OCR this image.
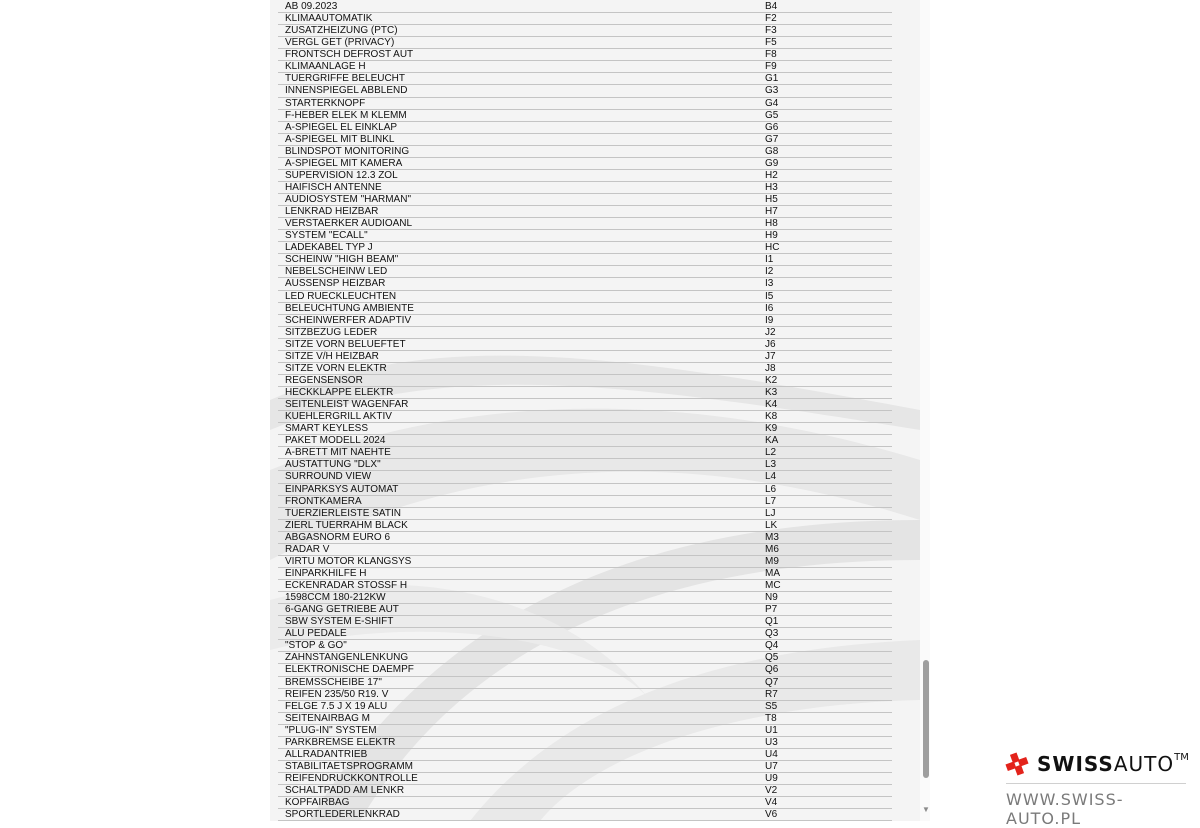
AB 09.2023	B4
KLIMAAUTOMATIK	F2
ZUSATZHEIZUNG (PTC)	F3
VERGL GET (PRIVACY)	F5
FRONTSCH DEFROST AUT	F8
KLIMAANLAGE H	F9
TUERGRIFFE BELEUCHT	G1
INNENSPIEGEL ABBLEND	G3
STARTERKNOPF	G4
F-HEBER ELEK M KLEMM	G5
A-SPIEGEL EL EINKLAP	G6
A-SPIEGEL MIT BLINKL	G7
BLINDSPOT MONITORING	G8
A-SPIEGEL MIT KAMERA	G9
SUPERVISION 12.3 ZOL	H2
HAIFISCH ANTENNE	H3
AUDIOSYSTEM "HARMAN"	H5
LENKRAD HEIZBAR	H7
VERSTAERKER AUDIOANL	H8
SYSTEM "ECALL"	H9
LADEKABEL TYP J	HC
SCHEINW "HIGH BEAM"	I1
NEBELSCHEINW LED	I2
AUSSENSP HEIZBAR	I3
LED RUECKLEUCHTEN	I5
BELEUCHTUNG AMBIENTE	I6
SCHEINWERFER ADAPTIV	I9
SITZBEZUG LEDER	J2
SITZE VORN BELUEFTET	J6
SITZE V/H HEIZBAR	J7
SITZE VORN ELEKTR	J8
REGENSENSOR	K2
HECKKLAPPE ELEKTR	K3
SEITENLEIST WAGENFAR	K4
KUEHLERGRILL AKTIV	K8
SMART KEYLESS	K9
PAKET MODELL 2024	KA
A-BRETT MIT NAEHTE	L2
AUSTATTUNG "DLX"	L3
SURROUND VIEW	L4
EINPARKSYS AUTOMAT	L6
FRONTKAMERA	L7
TUERZIERLEISTE SATIN	LJ
ZIERL TUERRAHM BLACK	LK
ABGASNORM EURO 6	M3
RADAR V	M6
VIRTU MOTOR KLANGSYS	M9
EINPARKHILFE H	MA
ECKENRADAR STOSSF H	MC
1598CCM 180-212KW	N9
6-GANG GETRIEBE AUT	P7
SBW SYSTEM E-SHIFT	Q1
ALU PEDALE	Q3
"STOP & GO"	Q4
ZAHNSTANGENLENKUNG	Q5
ELEKTRONISCHE DAEMPF	Q6
BREMSSCHEIBE 17"	Q7
REIFEN 235/50 R19. V	R7
FELGE 7.5 J X 19 ALU	S5
SEITENAIRBAG M	T8
"PLUG-IN" SYSTEM	U1
PARKBREMSE ELEKTR	U3
ALLRADANTRIEB	U4
STABILITAETSPROGRAMM	U7
REIFENDRUCKKONTROLLE	U9
SCHALTPADD AM LENKR	V2
KOPFAIRBAG	V4
SPORTLEDERLENKRAD	V6	▼
SWISS AUTO TM
WWW.SWISS-AUTO.PL
